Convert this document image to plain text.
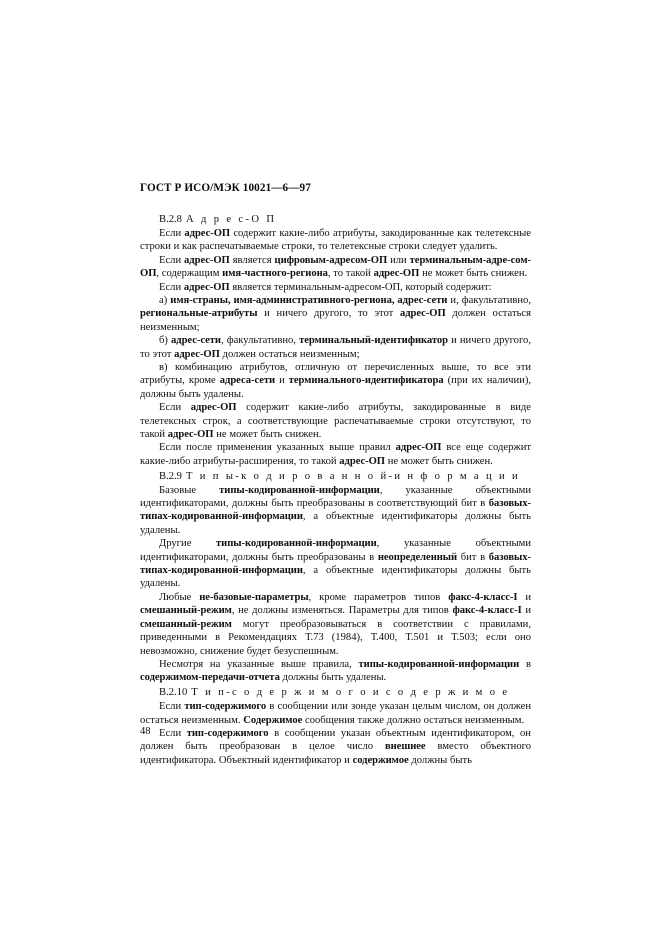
ГОСТ Р ИСО/МЭК 10021—6—97
В.2.8 А д р е с-О П

Если адрес-ОП содержит какие-либо атрибуты, закодированные как телетексные строки и как распечатываемые строки, то телетексные строки следует удалить.

Если адрес-ОП является цифровым-адресом-ОП или терминальным-адре-сом-ОП, содержащим имя-частного-региона, то такой адрес-ОП не может быть снижен.

Если адрес-ОП является терминальным-адресом-ОП, который содержит:

а) имя-страны, имя-административного-региона, адрес-сети и, факультативно, региональные-атрибуты и ничего другого, то этот адрес-ОП должен остаться неизменным;

б) адрес-сети, факультативно, терминальный-идентификатор и ничего другого, то этот адрес-ОП должен остаться неизменным;

в) комбинацию атрибутов, отличную от перечисленных выше, то все эти атрибуты, кроме адреса-сети и терминального-идентификатора (при их наличии), должны быть удалены.

Если адрес-ОП содержит какие-либо атрибуты, закодированные в виде телетексных строк, а соответствующие распечатываемые строки отсутствуют, то такой адрес-ОП не может быть снижен.

Если после применения указанных выше правил адрес-ОП все еще содержит какие-либо атрибуты-расширения, то такой адрес-ОП не может быть снижен.

В.2.9 Т и п ы-к о д и р о в а н н о й-и н ф о р м а ц и и

Базовые типы-кодированной-информации, указанные объектными идентификаторами, должны быть преобразованы в соответствующий бит в базовых-типах-кодированной-информации, а объектные идентификаторы должны быть удалены.

Другие типы-кодированной-информации, указанные объектными идентификаторами, должны быть преобразованы в неопределенный бит в базовых-типах-кодированной-информации, а объектные идентификаторы должны быть удалены.

Любые не-базовые-параметры, кроме параметров типов факс-4-класс-I и смешанный-режим, не должны изменяться. Параметры для типов факс-4-класс-I и смешанный-режим могут преобразовываться в соответствии с правилами, приведенными в Рекомендациях Т.73 (1984), Т.400, Т.501 и Т.503; если оно невозможно, снижение будет безуспешным.

Несмотря на указанные выше правила, типы-кодированной-информации в содержимом-передачи-отчета должны быть удалены.

В.2.10 Т и п-с о д е р ж и м о г о и с о д е р ж и м о е

Если тип-содержимого в сообщении или зонде указан целым числом, он должен остаться неизменным. Содержимое сообщения также должно остаться неизменным.

Если тип-содержимого в сообщении указан объектным идентификатором, он должен быть преобразован в целое число внешнее вместо объектного идентификатора. Объектный идентификатор и содержимое должны быть

48
